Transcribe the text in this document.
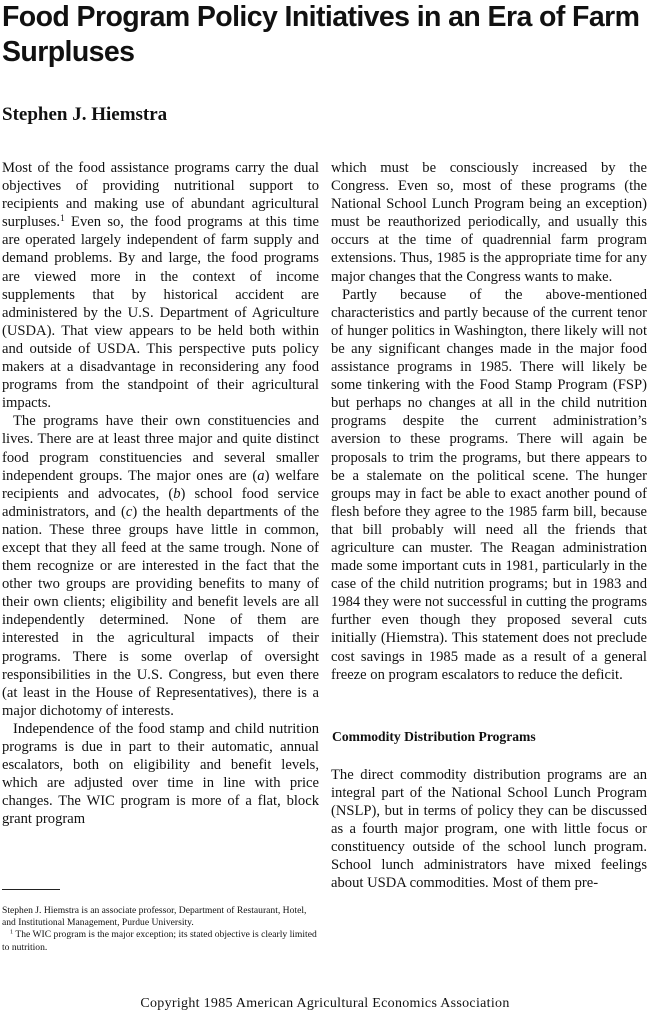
Food Program Policy Initiatives in an Era of Farm Surpluses
Stephen J. Hiemstra

Most of the food assistance programs carry the dual objectives of providing nutritional support to recipients and making use of abundant agricultural surpluses.$^1$ Even so, the food programs at this time are operated largely independent of farm supply and demand problems. By and large, the food programs are viewed more in the context of income supplements that by historical accident are administered by the U.S. Department of Agriculture (USDA). That view appears to be held both within and outside of USDA. This perspective puts policy makers at a disadvantage in reconsidering any food programs from the standpoint of their agricultural impacts.

The programs have their own constituencies and lives. There are at least three major and quite distinct food program constituencies and several smaller independent groups. The major ones are (a) welfare recipients and advocates, (b) school food service administrators, and (c) the health departments of the nation. These three groups have little in common, except that they all feed at the same trough. None of them recognize or are interested in the fact that the other two groups are providing benefits to many of their own clients; eligibility and benefit levels are all independently determined. None of them are interested in the agricultural impacts of their programs. There is some overlap of oversight responsibilities in the U.S. Congress, but even there (at least in the House of Representatives), there is a major dichotomy of interests.

Independence of the food stamp and child nutrition programs is due in part to their automatic, annual escalators, both on eligibility and benefit levels, which are adjusted over time in line with price changes. The WIC program is more of a flat, block grant program

which must be consciously increased by the Congress. Even so, most of these programs (the National School Lunch Program being an exception) must be reauthorized periodically, and usually this occurs at the time of quadrennial farm program extensions. Thus, 1985 is the appropriate time for any major changes that the Congress wants to make.

Partly because of the above-mentioned characteristics and partly because of the current tenor of hunger politics in Washington, there likely will not be any significant changes made in the major food assistance programs in 1985. There will likely be some tinkering with the Food Stamp Program (FSP) but perhaps no changes at all in the child nutrition programs despite the current administration’s aversion to these programs. There will again be proposals to trim the programs, but there appears to be a stalemate on the political scene. The hunger groups may in fact be able to exact another pound of flesh before they agree to the 1985 farm bill, because that bill probably will need all the friends that agriculture can muster. The Reagan administration made some important cuts in 1981, particularly in the case of the child nutrition programs; but in 1983 and 1984 they were not successful in cutting the programs further even though they proposed several cuts initially (Hiemstra). This statement does not preclude cost savings in 1985 made as a result of a general freeze on program escalators to reduce the deficit.

Commodity Distribution Programs

The direct commodity distribution programs are an integral part of the National School Lunch Program (NSLP), but in terms of policy they can be discussed as a fourth major program, one with little focus or constituency outside of the school lunch program. School lunch administrators have mixed feelings about USDA commodities. Most of them pre-

Stephen J. Hiemstra is an associate professor, Department of Restaurant, Hotel, and Institutional Management, Purdue University.

$^1$ The WIC program is the major exception; its stated objective is clearly limited to nutrition.

Copyright 1985 American Agricultural Economics Association
